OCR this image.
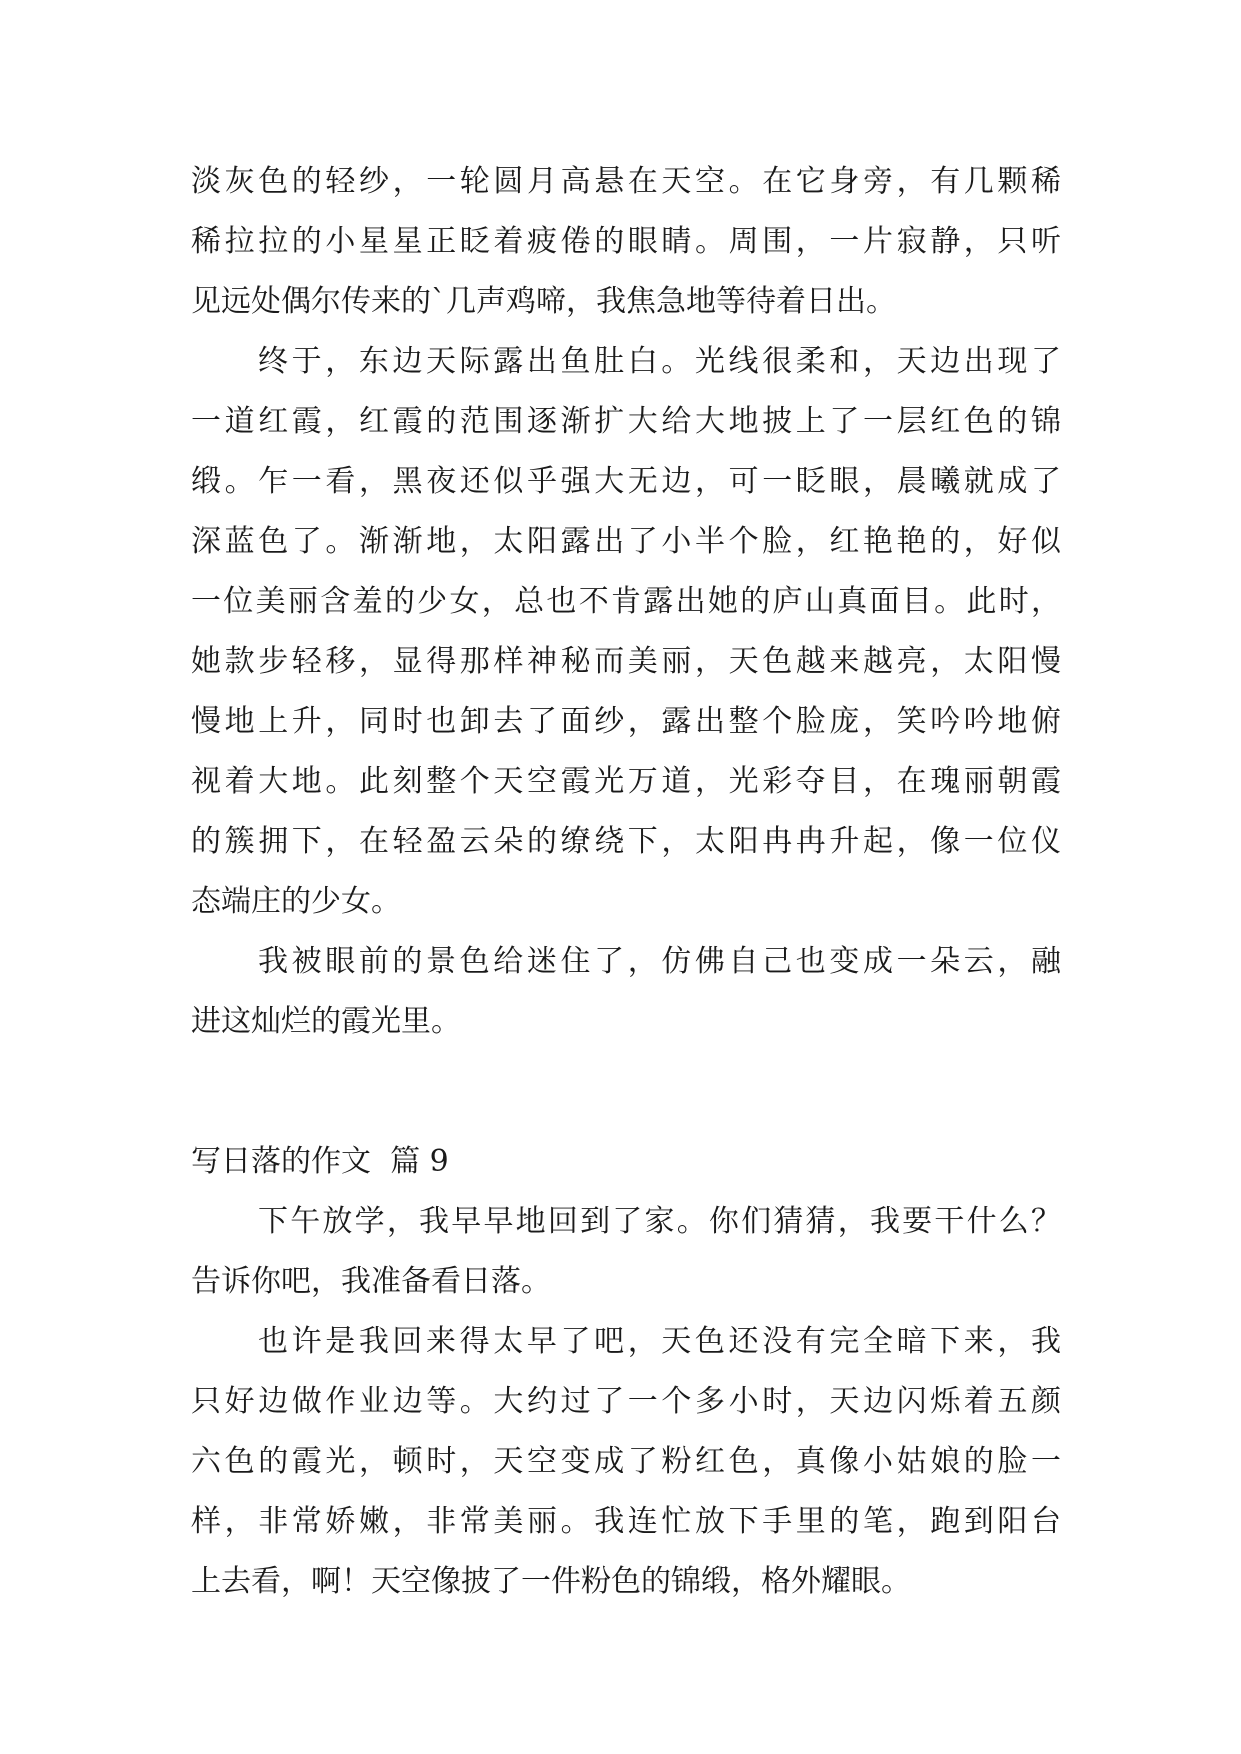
淡灰色的轻纱，一轮圆月高悬在天空。在它身旁，有几颗稀
稀拉拉的小星星正眨着疲倦的眼睛。周围，一片寂静，只听
见远处偶尔传来的`几声鸡啼，我焦急地等待着日出。
终于，东边天际露出鱼肚白。光线很柔和，天边出现了
一道红霞，红霞的范围逐渐扩大给大地披上了一层红色的锦
缎。乍一看，黑夜还似乎强大无边，可一眨眼，晨曦就成了
深蓝色了。渐渐地，太阳露出了小半个脸，红艳艳的，好似
一位美丽含羞的少女，总也不肯露出她的庐山真面目。此时，
她款步轻移，显得那样神秘而美丽，天色越来越亮，太阳慢
慢地上升，同时也卸去了面纱，露出整个脸庞，笑吟吟地俯
视着大地。此刻整个天空霞光万道，光彩夺目，在瑰丽朝霞
的簇拥下，在轻盈云朵的缭绕下，太阳冉冉升起，像一位仪
态端庄的少女。
我被眼前的景色给迷住了，仿佛自己也变成一朵云，融
进这灿烂的霞光里。
写日落的作文  篇 9
下午放学，我早早地回到了家。你们猜猜，我要干什么？
告诉你吧，我准备看日落。
也许是我回来得太早了吧，天色还没有完全暗下来，我
只好边做作业边等。大约过了一个多小时，天边闪烁着五颜
六色的霞光，顿时，天空变成了粉红色，真像小姑娘的脸一
样，非常娇嫩，非常美丽。我连忙放下手里的笔，跑到阳台
上去看，啊！天空像披了一件粉色的锦缎，格外耀眼。
